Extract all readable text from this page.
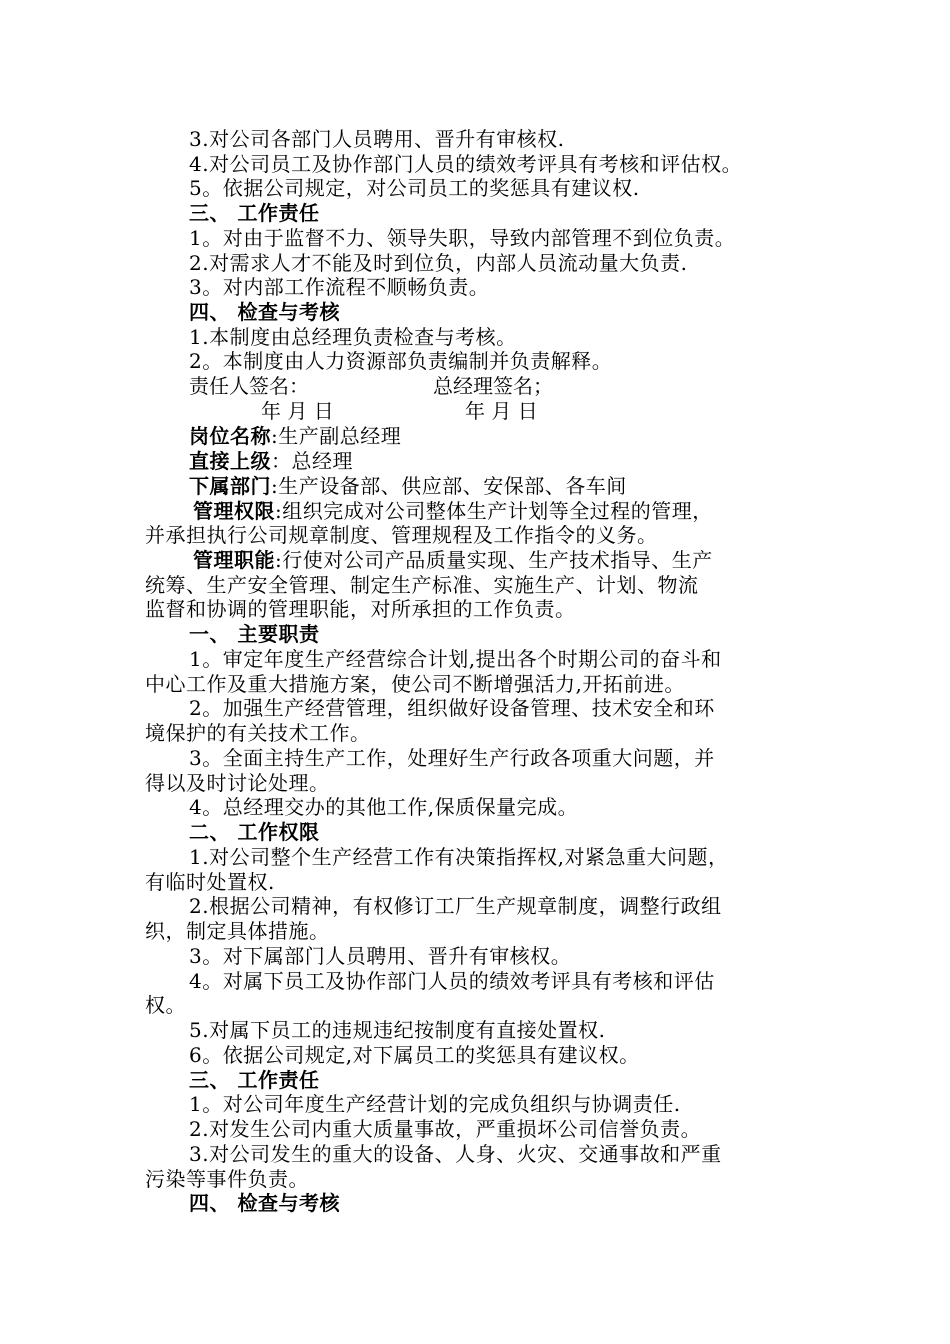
3.对公司各部门人员聘用、晋升有审核权.
4.对公司员工及协作部门人员的绩效考评具有考核和评估权。
5。依据公司规定，对公司员工的奖惩具有建议权.
三、 工作责任
1。对由于监督不力、领导失职，导致内部管理不到位负责。
2.对需求人才不能及时到位负，内部人员流动量大负责.
3。对内部工作流程不顺畅负责。
四、 检查与考核
1.本制度由总经理负责检查与考核。
2。本制度由人力资源部负责编制并负责解释。
责任人签名：	总经理签名；
年 月 日	年 月 日
岗位名称:生产副总经理
直接上级：总经理
下属部门:生产设备部、供应部、安保部、各车间
管理权限:组织完成对公司整体生产计划等全过程的管理，
并承担执行公司规章制度、管理规程及工作指令的义务。
管理职能:行使对公司产品质量实现、生产技术指导、生产
统筹、生产安全管理、制定生产标准、实施生产、计划、物流
监督和协调的管理职能，对所承担的工作负责。
一、 主要职责
1。审定年度生产经营综合计划,提出各个时期公司的奋斗和
中心工作及重大措施方案，使公司不断增强活力,开拓前进。
2。加强生产经营管理，组织做好设备管理、技术安全和环
境保护的有关技术工作。
3。全面主持生产工作，处理好生产行政各项重大问题，并
得以及时讨论处理。
4。总经理交办的其他工作,保质保量完成。
二、 工作权限
1.对公司整个生产经营工作有决策指挥权,对紧急重大问题，
有临时处置权.
2.根据公司精神，有权修订工厂生产规章制度，调整行政组
织，制定具体措施。
3。对下属部门人员聘用、晋升有审核权。
4。对属下员工及协作部门人员的绩效考评具有考核和评估
权。
5.对属下员工的违规违纪按制度有直接处置权.
6。依据公司规定,对下属员工的奖惩具有建议权。
三、 工作责任
1。对公司年度生产经营计划的完成负组织与协调责任.
2.对发生公司内重大质量事故，严重损坏公司信誉负责。
3.对公司发生的重大的设备、人身、火灾、交通事故和严重
污染等事件负责。
四、 检查与考核
